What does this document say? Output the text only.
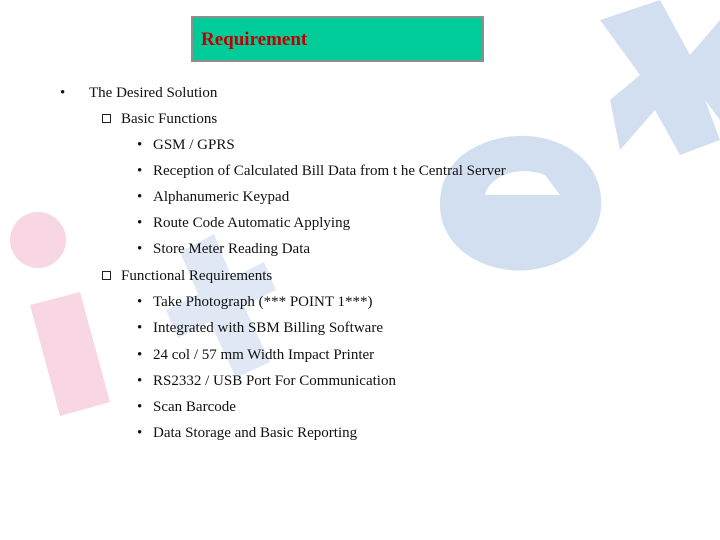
Requirement
• The Desired Solution
Basic Functions
• GSM / GPRS
• Reception of Calculated Bill Data from t he Central Server
• Alphanumeric Keypad
• Route Code Automatic Applying
• Store Meter Reading Data
Functional Requirements
• Take Photograph (*** POINT 1***)
• Integrated with SBM Billing Software
• 24 col / 57 mm Width Impact Printer
• RS2332 / USB Port For Communication
• Scan Barcode
• Data Storage and Basic Reporting
